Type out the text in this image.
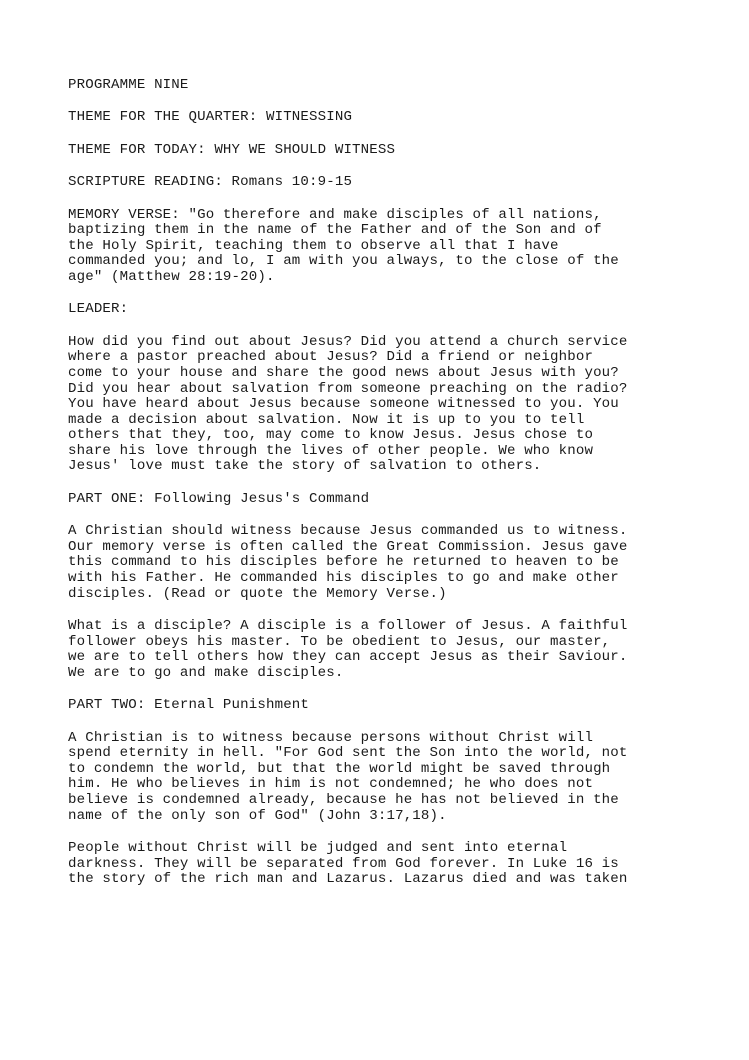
PROGRAMME NINE
THEME FOR THE QUARTER: WITNESSING
THEME FOR TODAY: WHY WE SHOULD WITNESS
SCRIPTURE READING: Romans 10:9-15
MEMORY VERSE: "Go therefore and make disciples of all nations,
baptizing them in the name of the Father and of the Son and of
the Holy Spirit, teaching them to observe all that I have
commanded you; and lo, I am with you always, to the close of the
age" (Matthew 28:19-20).
LEADER:
How did you find out about Jesus? Did you attend a church service
where a pastor preached about Jesus? Did a friend or neighbor
come to your house and share the good news about Jesus with you?
Did you hear about salvation from someone preaching on the radio?
You have heard about Jesus because someone witnessed to you. You
made a decision about salvation. Now it is up to you to tell
others that they, too, may come to know Jesus. Jesus chose to
share his love through the lives of other people. We who know
Jesus' love must take the story of salvation to others.
PART ONE: Following Jesus's Command
A Christian should witness because Jesus commanded us to witness.
Our memory verse is often called the Great Commission. Jesus gave
this command to his disciples before he returned to heaven to be
with his Father. He commanded his disciples to go and make other
disciples. (Read or quote the Memory Verse.)
What is a disciple? A disciple is a follower of Jesus. A faithful
follower obeys his master. To be obedient to Jesus, our master,
we are to tell others how they can accept Jesus as their Saviour.
We are to go and make disciples.
PART TWO: Eternal Punishment
A Christian is to witness because persons without Christ will
spend eternity in hell. "For God sent the Son into the world, not
to condemn the world, but that the world might be saved through
him. He who believes in him is not condemned; he who does not
believe is condemned already, because he has not believed in the
name of the only son of God" (John 3:17,18).
People without Christ will be judged and sent into eternal
darkness. They will be separated from God forever. In Luke 16 is
the story of the rich man and Lazarus. Lazarus died and was taken
